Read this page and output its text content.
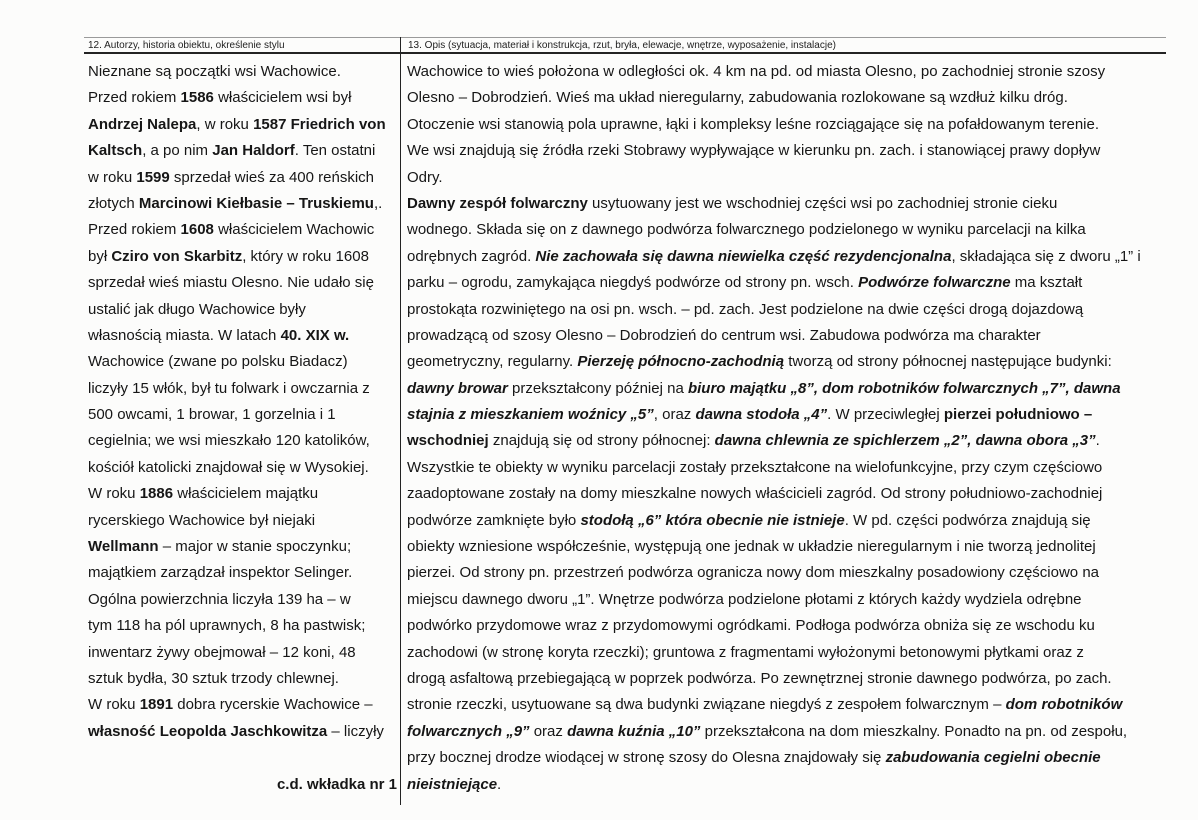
12. Autorzy, historia obiektu, określenie stylu	13. Opis (sytuacja, materiał i konstrukcja, rzut, bryła, elewacje, wnętrze, wyposażenie, instalacje)
Nieznane są początki wsi Wachowice.
Przed rokiem 1586 właścicielem wsi był
Andrzej Nalepa, w roku 1587 Friedrich von
Kaltsch, a po nim Jan Haldorf. Ten ostatni
w roku 1599 sprzedał wieś za 400 reńskich
złotych Marcinowi Kiełbasie – Truskiemu,.
Przed rokiem 1608 właścicielem Wachowic
był Cziro von Skarbitz, który w roku 1608
sprzedał wieś miastu Olesno. Nie udało się
ustalić jak długo Wachowice były
własnością miasta. W latach 40. XIX w.
Wachowice (zwane po polsku Biadacz)
liczyły 15 włók, był tu folwark i owczarnia z
500 owcami, 1 browar, 1 gorzelnia i 1
cegielnia; we wsi mieszkało 120 katolików,
kościół katolicki znajdował się w Wysokiej.
W roku 1886 właścicielem majątku
rycerskiego Wachowice był niejaki
Wellmann – major w stanie spoczynku;
majątkiem zarządzał inspektor Selinger.
Ogólna powierzchnia liczyła 139 ha – w
tym 118 ha pól uprawnych, 8 ha pastwisk;
inwentarz żywy obejmował – 12 koni, 48
sztuk bydła, 30 sztuk trzody chlewnej.
W roku 1891 dobra rycerskie Wachowice –
własność Leopolda Jaschkowitza – liczyły
c.d. wkładka nr 1
Wachowice to wieś położona w odległości ok. 4 km na pd. od miasta Olesno, po zachodniej stronie szosy
Olesno – Dobrodzień. Wieś ma układ nieregularny, zabudowania rozlokowane są wzdłuż kilku dróg.
Otoczenie wsi stanowią pola uprawne, łąki i kompleksy leśne rozciągające się na pofałdowanym terenie.
We wsi znajdują się źródła rzeki Stobrawy wypływające w kierunku pn. zach. i stanowiącej prawy dopływ
Odry.
Dawny zespół folwarczny usytuowany jest we wschodniej części wsi po zachodniej stronie cieku
wodnego. Składa się on z dawnego podwórza folwarcznego podzielonego w wyniku parcelacji na kilka
odrębnych zagród. Nie zachowała się dawna niewielka część rezydencjonalna, składająca się z dworu „1” i
parku – ogrodu, zamykająca niegdyś podwórze od strony pn. wsch. Podwórze folwarczne ma kształt
prostokąta rozwiniętego na osi pn. wsch. – pd. zach. Jest podzielone na dwie części drogą dojazdową
prowadzącą od szosy Olesno – Dobrodzień do centrum wsi. Zabudowa podwórza ma charakter
geometryczny, regularny. Pierzeję północno-zachodnią tworzą od strony północnej następujące budynki:
dawny browar przekształcony później na biuro majątku „8”, dom robotników folwarcznych „7”, dawna
stajnia z mieszkaniem woźnicy „5”, oraz dawna stodoła „4”. W przeciwległej pierzei południowo –
wschodniej znajdują się od strony północnej: dawna chlewnia ze spichlerzem „2”, dawna obora „3”.
Wszystkie te obiekty w wyniku parcelacji zostały przekształcone na wielofunkcyjne, przy czym częściowo
zaadoptowane zostały na domy mieszkalne nowych właścicieli zagród. Od strony południowo-zachodniej
podwórze zamknięte było stodołą „6” która obecnie nie istnieje. W pd. części podwórza znajdują się
obiekty wzniesione współcześnie, występują one jednak w układzie nieregularnym i nie tworzą jednolitej
pierzei. Od strony pn. przestrzeń podwórza ogranicza nowy dom mieszkalny posadowiony częściowo na
miejscu dawnego dworu „1”. Wnętrze podwórza podzielone płotami z których każdy wydziela odrębne
podwórko przydomowe wraz z przydomowymi ogródkami. Podłoga podwórza obniża się ze wschodu ku
zachodowi (w stronę koryta rzeczki); gruntowa z fragmentami wyłożonymi betonowymi płytkami oraz z
drogą asfaltową przebiegającą w poprzek podwórza. Po zewnętrznej stronie dawnego podwórza, po zach.
stronie rzeczki, usytuowane są dwa budynki związane niegdyś z zespołem folwarcznym – dom robotników
folwarcznych „9” oraz dawna kuźnia „10” przekształcona na dom mieszkalny. Ponadto na pn. od zespołu,
przy bocznej drodze wiodącej w stronę szosy do Olesna znajdowały się zabudowania cegielni obecnie
nieistniejące.
